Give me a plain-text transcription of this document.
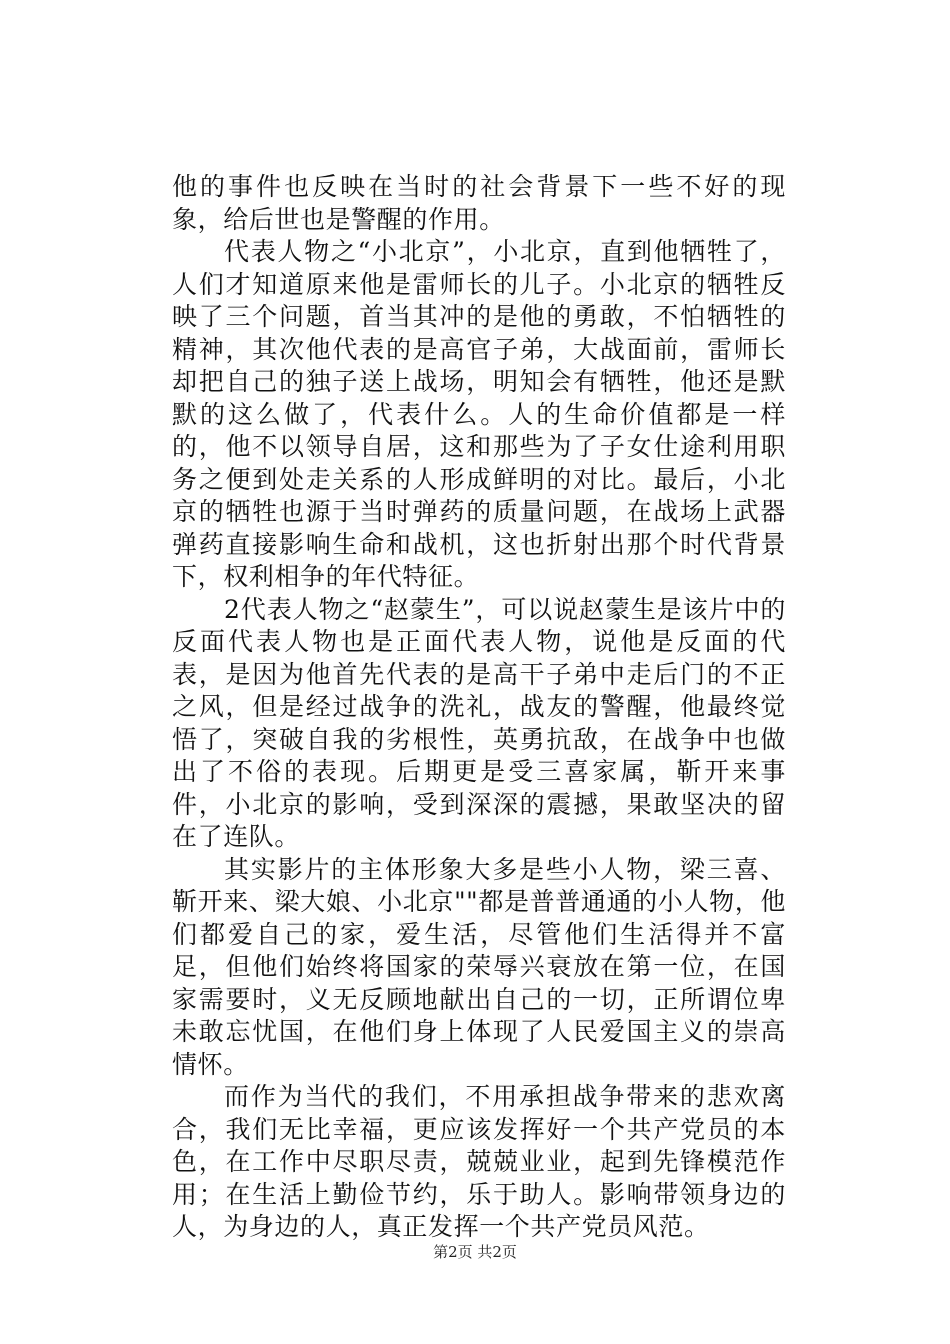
他的事件也反映在当时的社会背景下一些不好的现象，给后世也是警醒的作用。

代表人物之“小北京”，小北京，直到他牺牲了，人们才知道原来他是雷师长的儿子。小北京的牺牲反映了三个问题，首当其冲的是他的勇敢，不怕牺牲的精神，其次他代表的是高官子弟，大战面前，雷师长却把自己的独子送上战场，明知会有牺牲，他还是默默的这么做了，代表什么。人的生命价值都是一样的，他不以领导自居，这和那些为了子女仕途利用职务之便到处走关系的人形成鲜明的对比。最后，小北京的牺牲也源于当时弹药的质量问题，在战场上武器弹药直接影响生命和战机，这也折射出那个时代背景下，权利相争的年代特征。

2代表人物之“赵蒙生”，可以说赵蒙生是该片中的反面代表人物也是正面代表人物，说他是反面的代表，是因为他首先代表的是高干子弟中走后门的不正之风，但是经过战争的洗礼，战友的警醒，他最终觉悟了，突破自我的劣根性，英勇抗敌，在战争中也做出了不俗的表现。后期更是受三喜家属，靳开来事件，小北京的影响，受到深深的震撼，果敢坚决的留在了连队。

其实影片的主体形象大多是些小人物，梁三喜、靳开来、梁大娘、小北京""都是普普通通的小人物，他们都爱自己的家，爱生活，尽管他们生活得并不富足，但他们始终将国家的荣辱兴衰放在第一位，在国家需要时，义无反顾地献出自己的一切，正所谓位卑未敢忘忧国，在他们身上体现了人民爱国主义的崇高情怀。

而作为当代的我们，不用承担战争带来的悲欢离合，我们无比幸福，更应该发挥好一个共产党员的本色，在工作中尽职尽责，兢兢业业，起到先锋模范作用；在生活上勤俭节约，乐于助人。影响带领身边的人，为身边的人，真正发挥一个共产党员风范。

第2页 共2页
